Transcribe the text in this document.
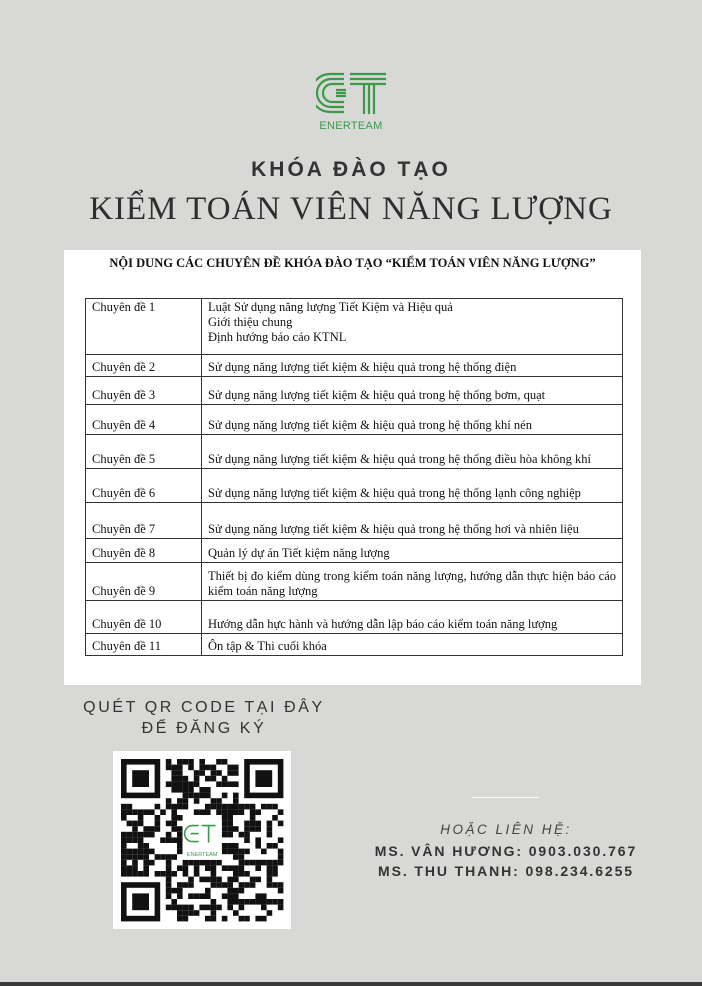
ENERTEAM
KHÓA ĐÀO TẠO
KIỂM TOÁN VIÊN NĂNG LƯỢNG
NỘI DUNG CÁC CHUYÊN ĐỀ KHÓA ĐÀO TẠO “KIỂM TOÁN VIÊN NĂNG LƯỢNG”
Chuyên đề 1	Luật Sử dụng năng lượng Tiết Kiệm và Hiệu quả
Giới thiệu chung
Định hướng báo cáo KTNL

Chuyên đề 2	Sử dụng năng lượng tiết kiệm & hiệu quả trong hệ thống điện

Chuyên đề 3	Sử dụng năng lượng tiết kiệm & hiệu quả trong hệ thống bơm, quạt

Chuyên đề 4	Sử dụng năng lượng tiết kiệm & hiệu quả trong hệ thống khí nén

Chuyên đề 5	Sử dụng năng lượng tiết kiệm & hiệu quả trong hệ thống điều hòa không khí

Chuyên đề 6	Sử dụng năng lượng tiết kiệm & hiệu quả trong hệ thống lạnh công nghiệp

Chuyên đề 7	Sử dụng năng lượng tiết kiệm & hiệu quả trong hệ thống hơi và nhiên liệu

Chuyên đề 8	Quản lý dự án Tiết kiệm năng lượng

Chuyên đề 9	Thiết bị đo kiểm dùng trong kiểm toán năng lượng, hướng dẫn thực hiện báo cáo kiểm toán năng lượng

Chuyên đề 10	Hướng dẫn hực hành và hướng dẫn lập báo cáo kiểm toán năng lượng

Chuyên đề 11	Ôn tập & Thi cuối khóa
QUÉT QR CODE TẠI ĐÂY
ĐỂ ĐĂNG KÝ
ENERTEAM
HOẶC LIÊN HỆ:
MS. VÂN HƯƠNG: 0903.030.767
MS. THU THANH: 098.234.6255
